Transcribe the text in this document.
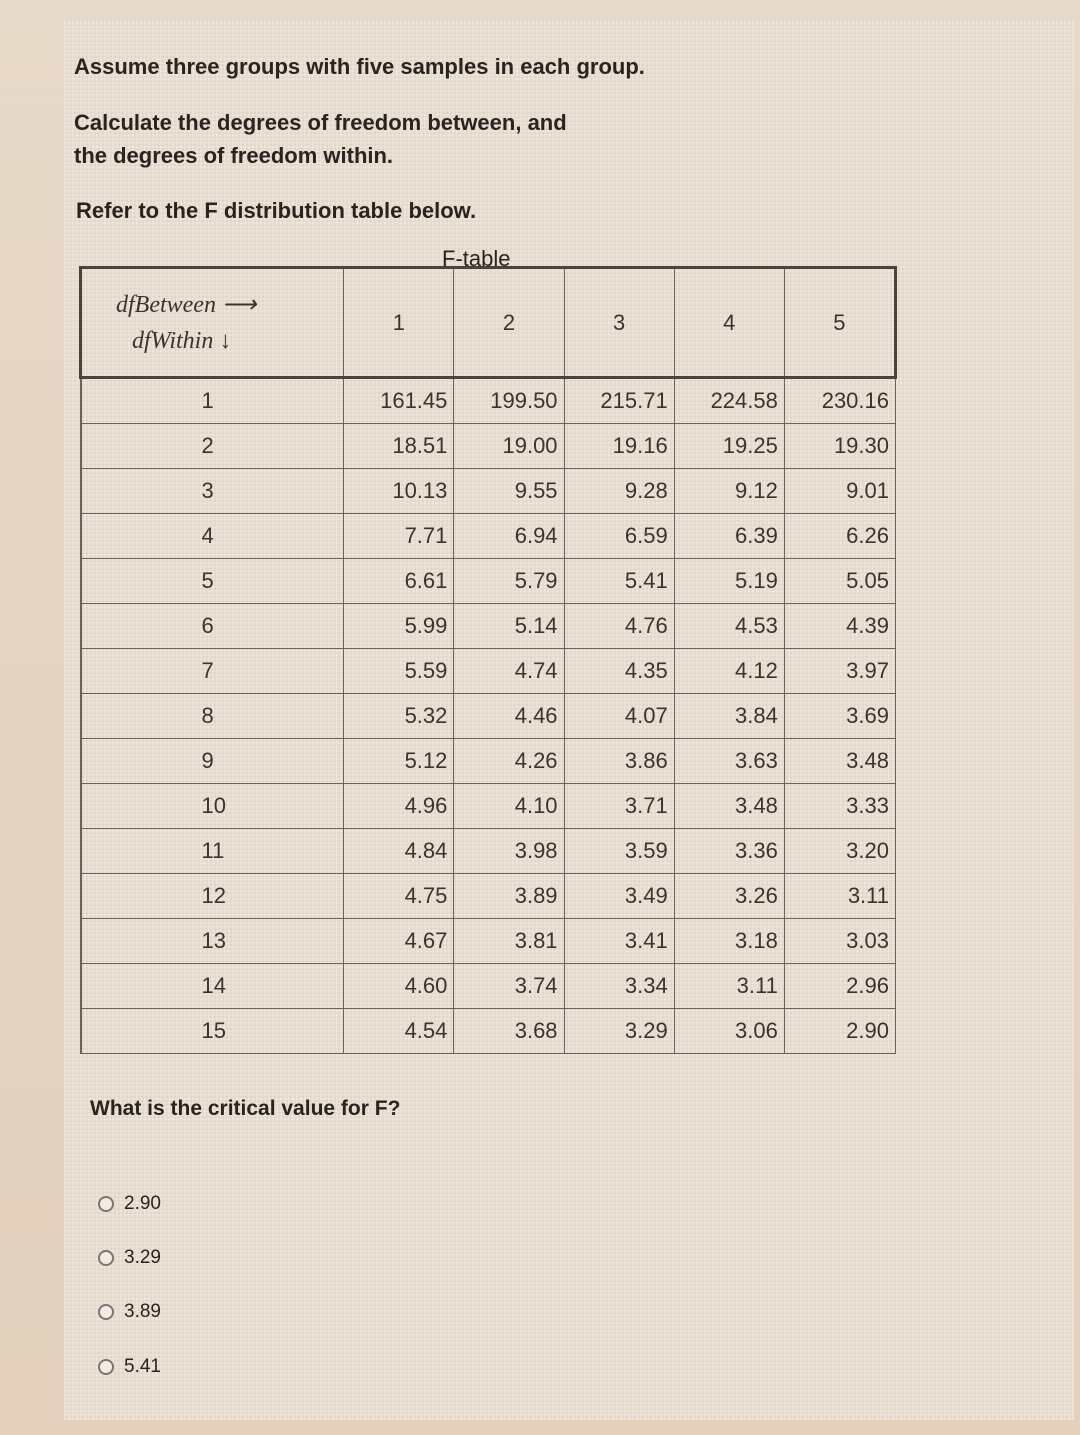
Assume three groups with five samples in each group.
Calculate the degrees of freedom between, and
the degrees of freedom within.
Refer to the F distribution table below.
F-table
dfBetween ⟶
dfWithin ↓	1	2	3	4	5
1	161.45	199.50	215.71	224.58	230.16
2	18.51	19.00	19.16	19.25	19.30
3	10.13	9.55	9.28	9.12	9.01
4	7.71	6.94	6.59	6.39	6.26
5	6.61	5.79	5.41	5.19	5.05
6	5.99	5.14	4.76	4.53	4.39
7	5.59	4.74	4.35	4.12	3.97
8	5.32	4.46	4.07	3.84	3.69
9	5.12	4.26	3.86	3.63	3.48
10	4.96	4.10	3.71	3.48	3.33
11	4.84	3.98	3.59	3.36	3.20
12	4.75	3.89	3.49	3.26	3.11
13	4.67	3.81	3.41	3.18	3.03
14	4.60	3.74	3.34	3.11	2.96
15	4.54	3.68	3.29	3.06	2.90
What is the critical value for F?
2.90
3.29
3.89
5.41
